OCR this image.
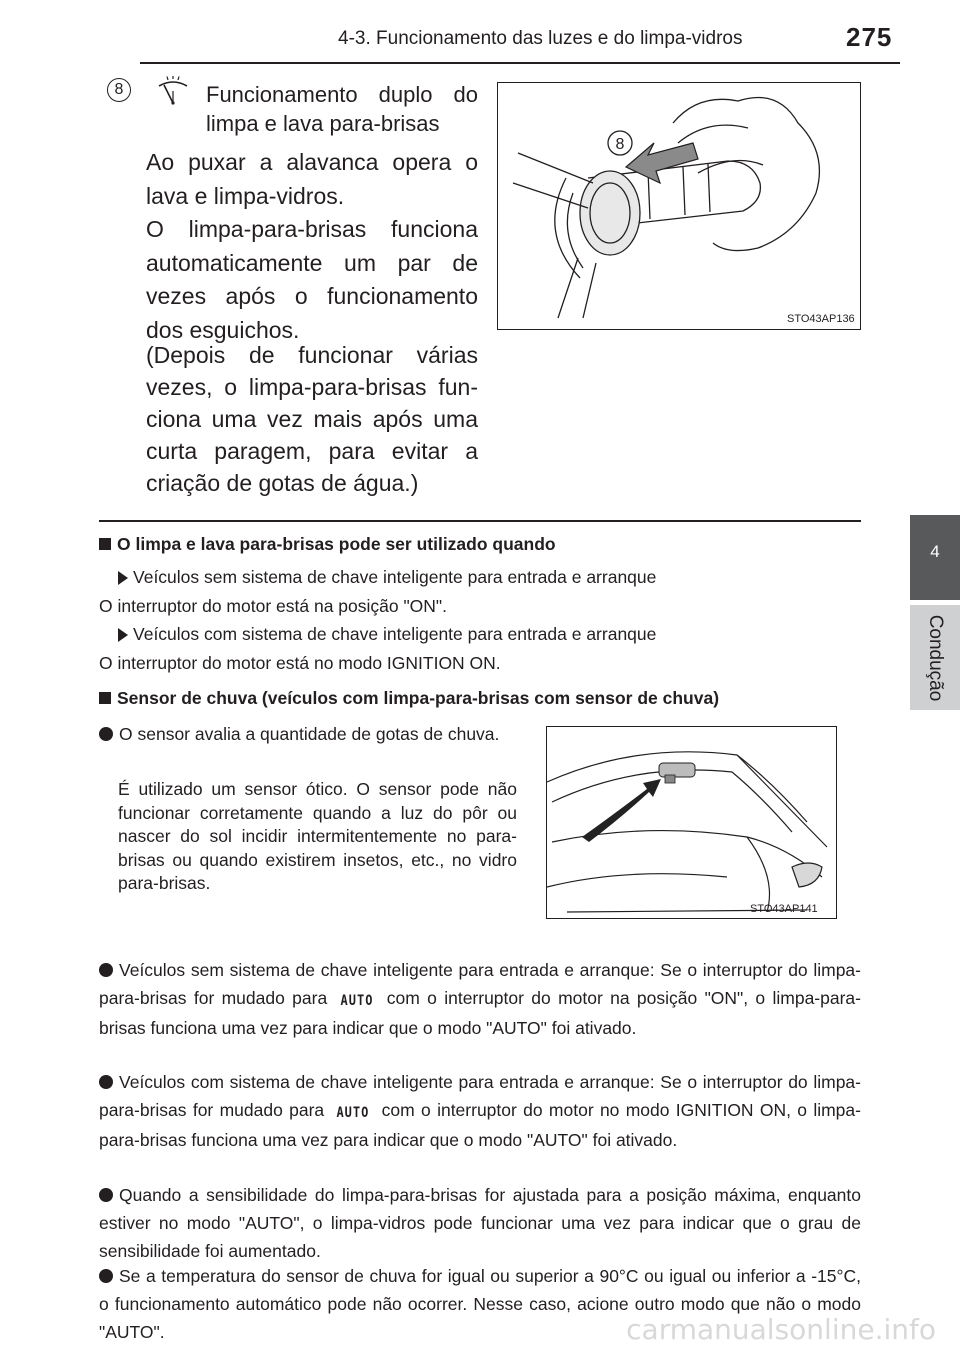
4-3. Funcionamento das luzes e do limpa-vidros	275
4
Condução
8	Funcionamento duplo do limpa e lava para-brisas
Ao puxar a alavanca opera o lava e limpa-vidros.
O limpa-para-brisas funciona automaticamente um par de vezes após o funcionamento dos esguichos.
(Depois de funcionar várias vezes, o limpa-para-brisas fun- ciona uma vez mais após uma curta paragem, para evitar a criação de gotas de água.)
8
STO43AP136
O limpa e lava para-brisas pode ser utilizado quando
Veículos sem sistema de chave inteligente para entrada e arranque
O interruptor do motor está na posição "ON".
Veículos com sistema de chave inteligente para entrada e arranque
O interruptor do motor está no modo IGNITION ON.
Sensor de chuva (veículos com limpa-para-brisas com sensor de chuva)
O sensor avalia a quantidade de gotas de chuva.
É utilizado um sensor ótico. O sensor pode não funcionar corretamente quando a luz do pôr ou nascer do sol incidir intermitentemente no para-brisas ou quando existirem insetos, etc., no vidro para-brisas.
STO43AP141
Veículos sem sistema de chave inteligente para entrada e arranque: Se o interruptor do limpa-para-brisas for mudado para AUTO com o interruptor do motor na posição "ON", o limpa-para-brisas funciona uma vez para indicar que o modo "AUTO" foi ativado.
Veículos com sistema de chave inteligente para entrada e arranque: Se o interruptor do limpa-para-brisas for mudado para AUTO com o interruptor do motor no modo IGNITION ON, o limpa-para-brisas funciona uma vez para indicar que o modo "AUTO" foi ativado.
Quando a sensibilidade do limpa-para-brisas for ajustada para a posição máxima, enquanto estiver no modo "AUTO", o limpa-vidros pode funcionar uma vez para indicar que o grau de sensibilidade foi aumentado.
Se a temperatura do sensor de chuva for igual ou superior a 90°C ou igual ou inferior a -15°C, o funcionamento automático pode não ocorrer. Nesse caso, acione outro modo que não o modo "AUTO".	carmanualsonline.info
